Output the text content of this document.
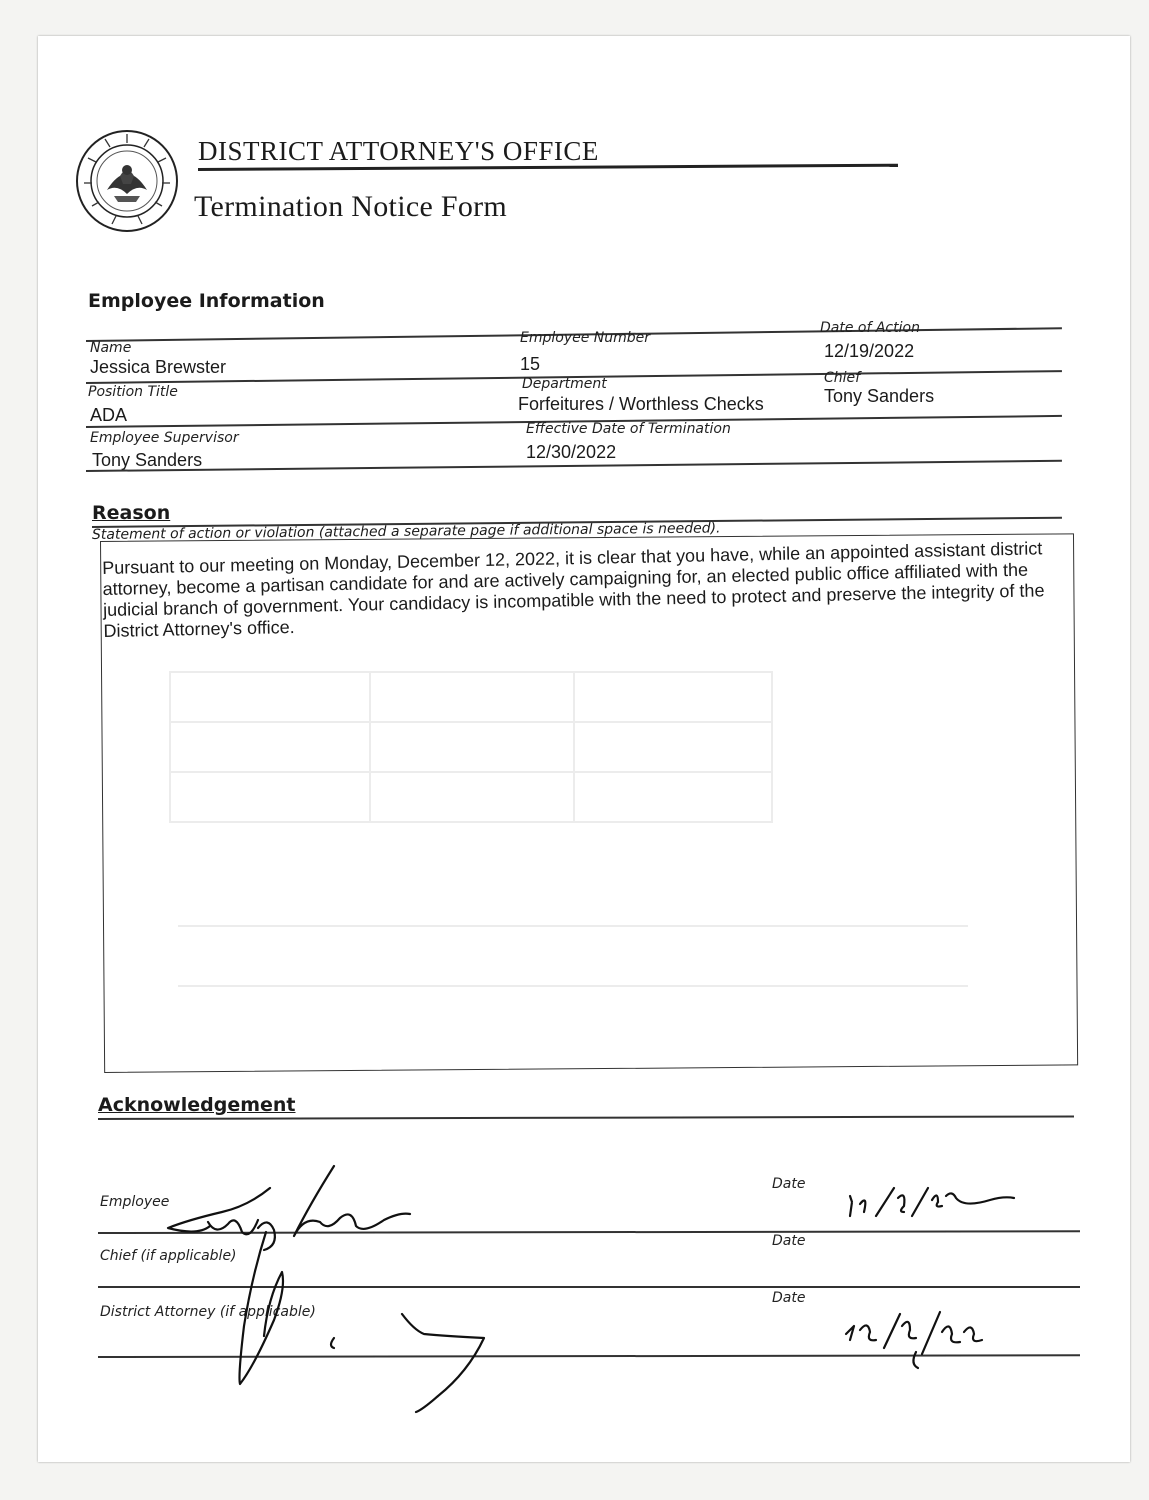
DISTRICT ATTORNEY'S OFFICE
Termination Notice Form
Employee Information
Name
Jessica Brewster
Employee Number
15
Date of Action
12/19/2022
Position Title
ADA
Department
Forfeitures / Worthless Checks
Chief
Tony Sanders
Employee Supervisor
Tony Sanders
Effective Date of Termination
12/30/2022
Reason
Statement of action or violation (attached a separate page if additional space is needed).
Pursuant to our meeting on Monday, December 12, 2022, it is clear that you have, while an appointed assistant district attorney, become a partisan candidate for and are actively campaigning for, an elected public office affiliated with the judicial branch of government. Your candidacy is incompatible with the need to protect and preserve the integrity of the District Attorney's office.
Acknowledgement
Employee
Date
Chief (if applicable)
Date
District Attorney (if applicable)
Date
